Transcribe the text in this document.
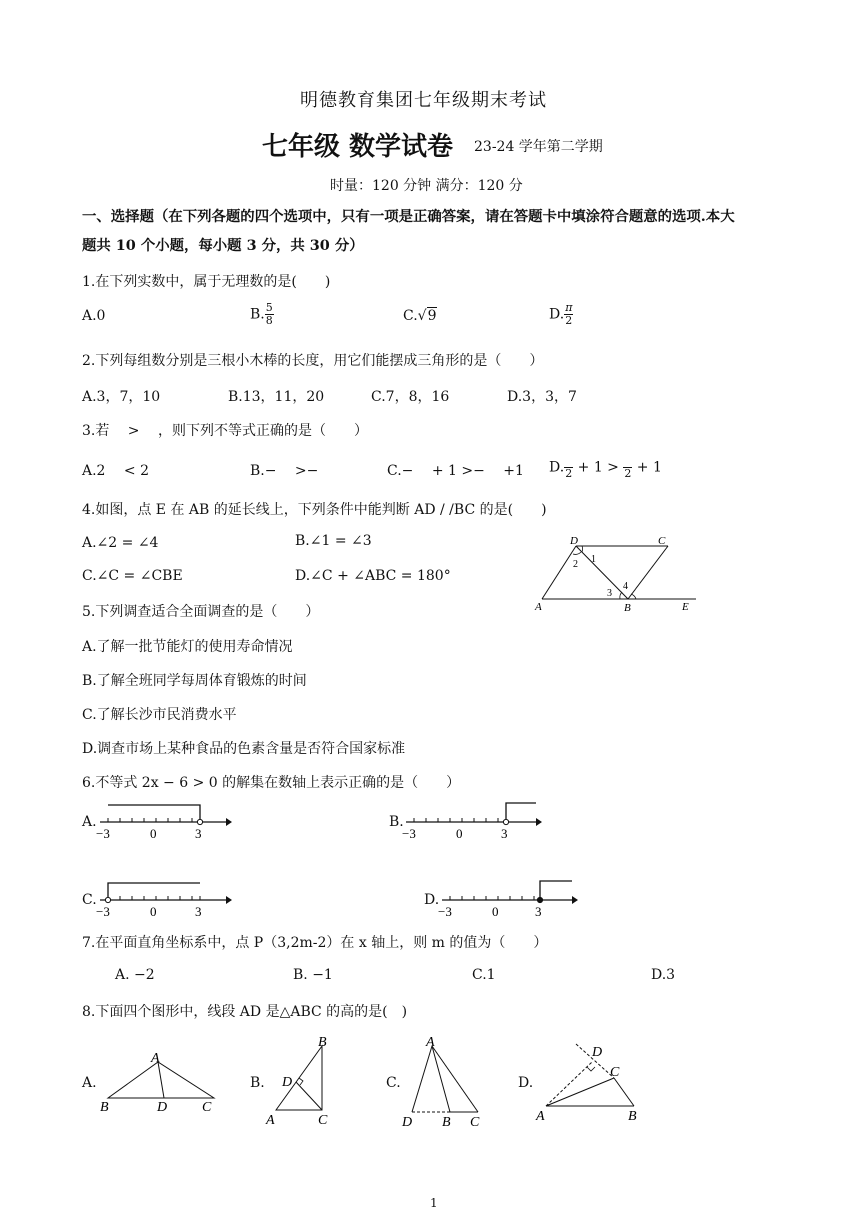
明德教育集团七年级期末考试
七年级 数学试卷 23-24 学年第二学期
时量：120 分钟 满分：120 分
一、选择题（在下列各题的四个选项中，只有一项是正确答案，请在答题卡中填涂符合题意的选项.本大
题共 10 个小题，每小题 3 分，共 30 分）
1.在下列实数中，属于无理数的是(　　)
A.0	B. $\frac{5}{8}$	C.√9	D. $\frac{\pi}{2}$
2.下列每组数分别是三根小木棒的长度，用它们能摆成三角形的是（　　）
A.3，7，10	B.13，11，20	C.7，8，16	D.3，3，7
3.若 　> 　，则下列不等式正确的是（　　）
A.2 　< 2	B.− 　>−	C.− 　+ 1 >− 　+1 D.
2 + 1 >
2 + 1
4.如图，点 E 在 AB 的延长线上，下列条件中能判断 AD / /BC 的是(　　)
A.∠2 = ∠4	B.∠1 = ∠3
C.∠C = ∠CBE	D.∠C + ∠ABC = 180°
D	C
A	B	E
1
2
3
4
5.下列调查适合全面调查的是（　　）
A.了解一批节能灯的使用寿命情况
B.了解全班同学每周体育锻炼的时间
C.了解长沙市民消费水平
D.调查市场上某种食品的色素含量是否符合国家标准
6.不等式 2x − 6 > 0 的解集在数轴上表示正确的是（　　）
A.
−3	0	3
B.
−3	0	3
C.
−3	0	3
D.
−3	0	3
7.在平面直角坐标系中，点 P（3,2m-2）在 x 轴上，则 m 的值为（　　）
A. −2	B. −1	C.1	D.3
8.下面四个图形中，线段 AD 是△ABC 的高的是(　)
A.
A
B	D C
B.
B
D
A	C
C.
A
D B C
D.
D
C
A	B
1
